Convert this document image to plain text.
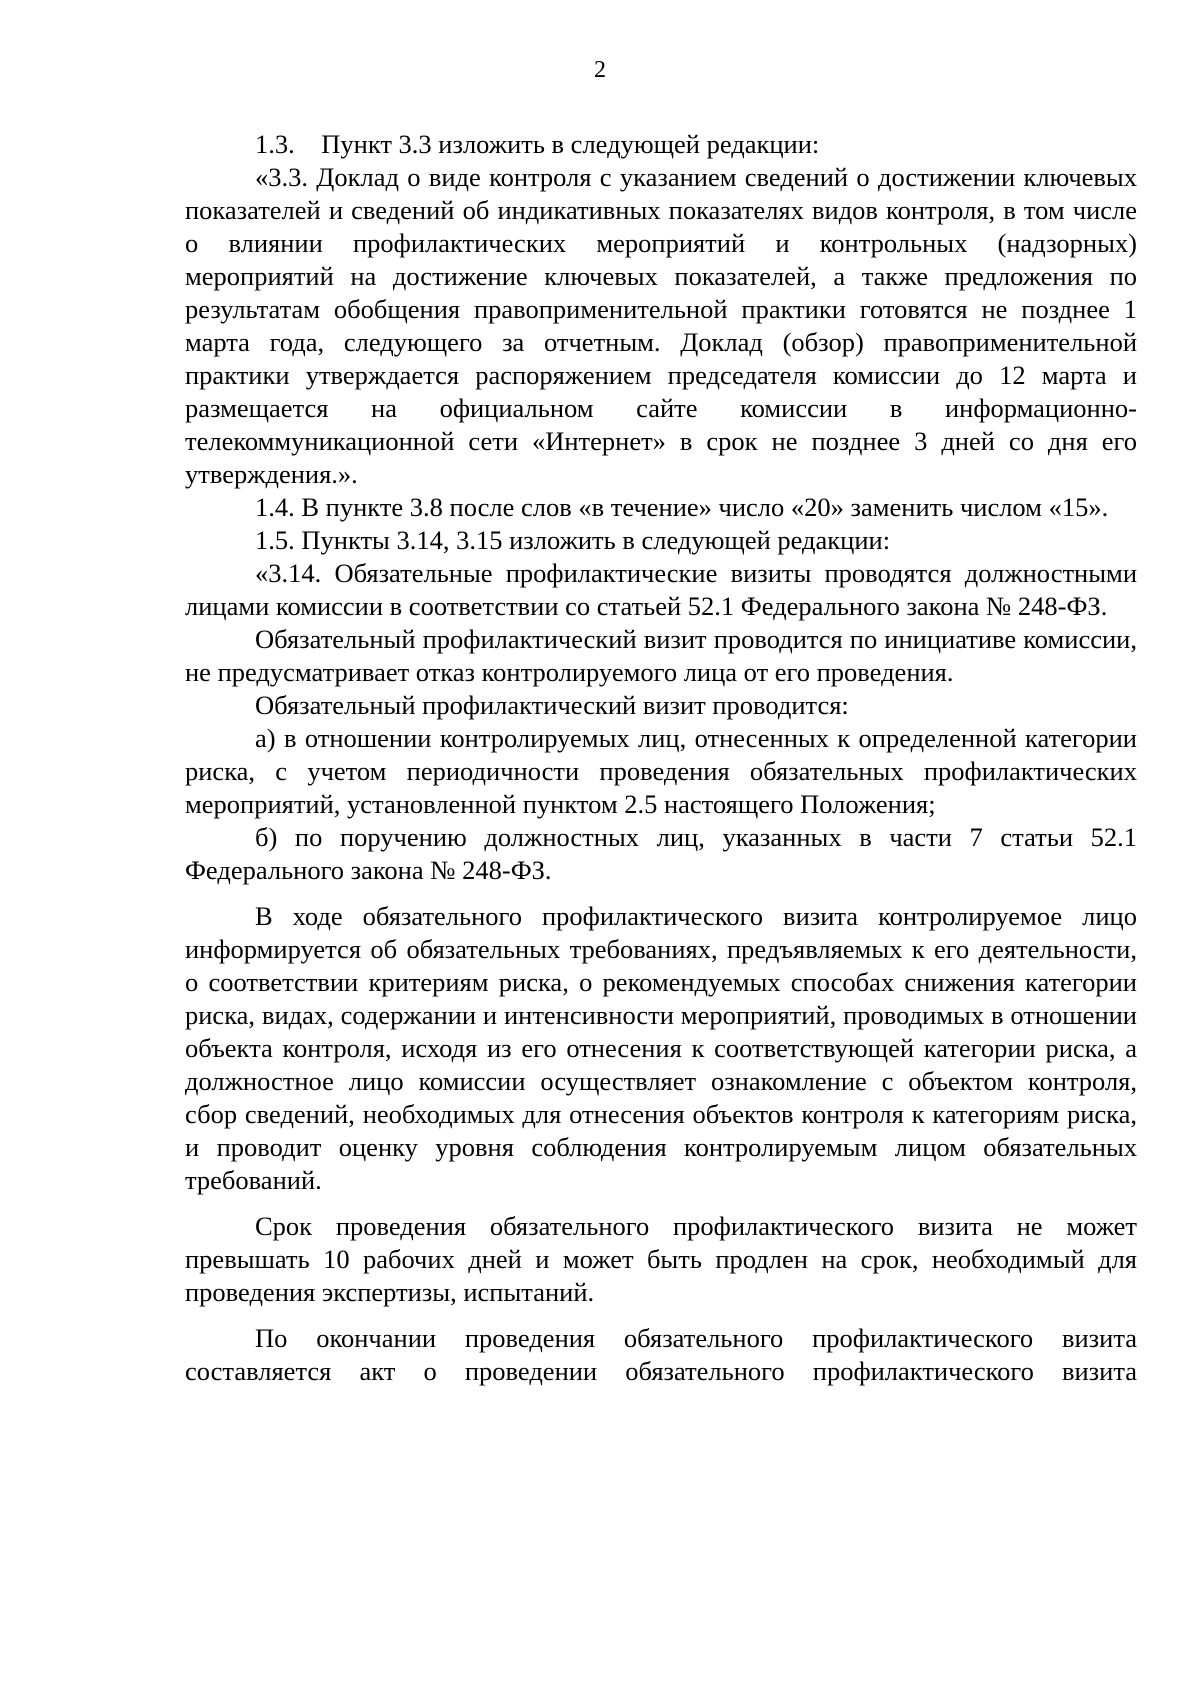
2

1.3. Пункт 3.3 изложить в следующей редакции:

«3.3. Доклад о виде контроля с указанием сведений о достижении ключевых показателей и сведений об индикативных показателях видов контроля, в том числе о влиянии профилактических мероприятий и контрольных (надзорных) мероприятий на достижение ключевых показателей, а также предложения по результатам обобщения правоприменительной практики готовятся не позднее 1 марта года, следующего за отчетным. Доклад (обзор) правоприменительной практики утверждается распоряжением председателя комиссии до 12 марта и размещается на официальном сайте комиссии в информационно-телекоммуникационной сети «Интернет» в срок не позднее 3 дней со дня его утверждения.».

1.4. В пункте 3.8 после слов «в течение» число «20» заменить числом «15».

1.5. Пункты 3.14, 3.15 изложить в следующей редакции:

«3.14. Обязательные профилактические визиты проводятся должностными лицами комиссии в соответствии со статьей 52.1 Федерального закона № 248-ФЗ.

Обязательный профилактический визит проводится по инициативе комиссии, не предусматривает отказ контролируемого лица от его проведения.

Обязательный профилактический визит проводится:

а) в отношении контролируемых лиц, отнесенных к определенной категории риска, с учетом периодичности проведения обязательных профилактических мероприятий, установленной пунктом 2.5 настоящего Положения;

б) по поручению должностных лиц, указанных в части 7 статьи 52.1 Федерального закона № 248-ФЗ.

В ходе обязательного профилактического визита контролируемое лицо информируется об обязательных требованиях, предъявляемых к его деятельности, о соответствии критериям риска, о рекомендуемых способах снижения категории риска, видах, содержании и интенсивности мероприятий, проводимых в отношении объекта контроля, исходя из его отнесения к соответствующей категории риска, а должностное лицо комиссии осуществляет ознакомление с объектом контроля, сбор сведений, необходимых для отнесения объектов контроля к категориям риска, и проводит оценку уровня соблюдения контролируемым лицом обязательных требований.

Срок проведения обязательного профилактического визита не может превышать 10 рабочих дней и может быть продлен на срок, необходимый для проведения экспертизы, испытаний.

По окончании проведения обязательного профилактического визита составляется акт о проведении обязательного профилактического визита
